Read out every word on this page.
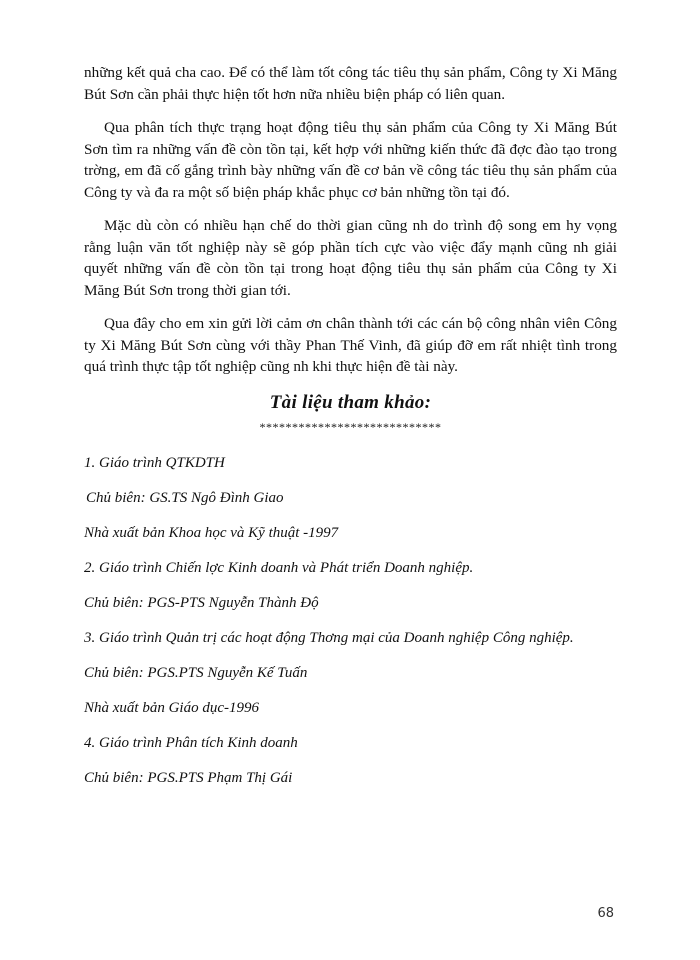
những kết quả cha cao. Để có thể làm tốt công tác tiêu thụ sản phẩm, Công ty Xi Măng Bút Sơn cần phải thực hiện tốt hơn nữa nhiều biện pháp có liên quan.

Qua phân tích thực trạng hoạt động tiêu thụ sản phẩm của Công ty Xi Măng Bút Sơn tìm ra những vấn đề còn tồn tại, kết hợp với những kiến thức đã đợc đào tạo trong trờng, em đã cố gắng trình bày những vấn đề cơ bản về công tác tiêu thụ sản phẩm của Công ty và đa ra một số biện pháp khắc phục cơ bản những tồn tại đó.

Mặc dù còn có nhiều hạn chế do thời gian cũng nh do trình độ song em hy vọng rằng luận văn tốt nghiệp này sẽ góp phần tích cực vào việc đẩy mạnh cũng nh giải quyết những vấn đề còn tồn tại trong hoạt động tiêu thụ sản phẩm của Công ty Xi Măng Bút Sơn trong thời gian tới.

Qua đây cho em xin gửi lời cảm ơn chân thành tới các cán bộ công nhân viên Công ty Xi Măng Bút Sơn cùng với thầy Phan Thế Vinh, đã giúp đỡ em rất nhiệt tình trong quá trình thực tập tốt nghiệp cũng nh khi thực hiện đề tài này.

Tài liệu tham khảo:
****************************
1. Giáo trình QTKDTH
Chủ biên: GS.TS Ngô Đình Giao
Nhà xuất bản Khoa học và Kỹ thuật -1997
2. Giáo trình Chiến lợc Kinh doanh và Phát triển Doanh nghiệp.
Chủ biên: PGS-PTS Nguyễn Thành Độ
3. Giáo trình Quản trị các hoạt động Thơng mại của Doanh nghiệp Công nghiệp.
Chủ biên: PGS.PTS Nguyễn Kế Tuấn
Nhà xuất bản Giáo dục-1996
4. Giáo trình Phân tích Kinh doanh
Chủ biên: PGS.PTS Phạm Thị Gái
68
